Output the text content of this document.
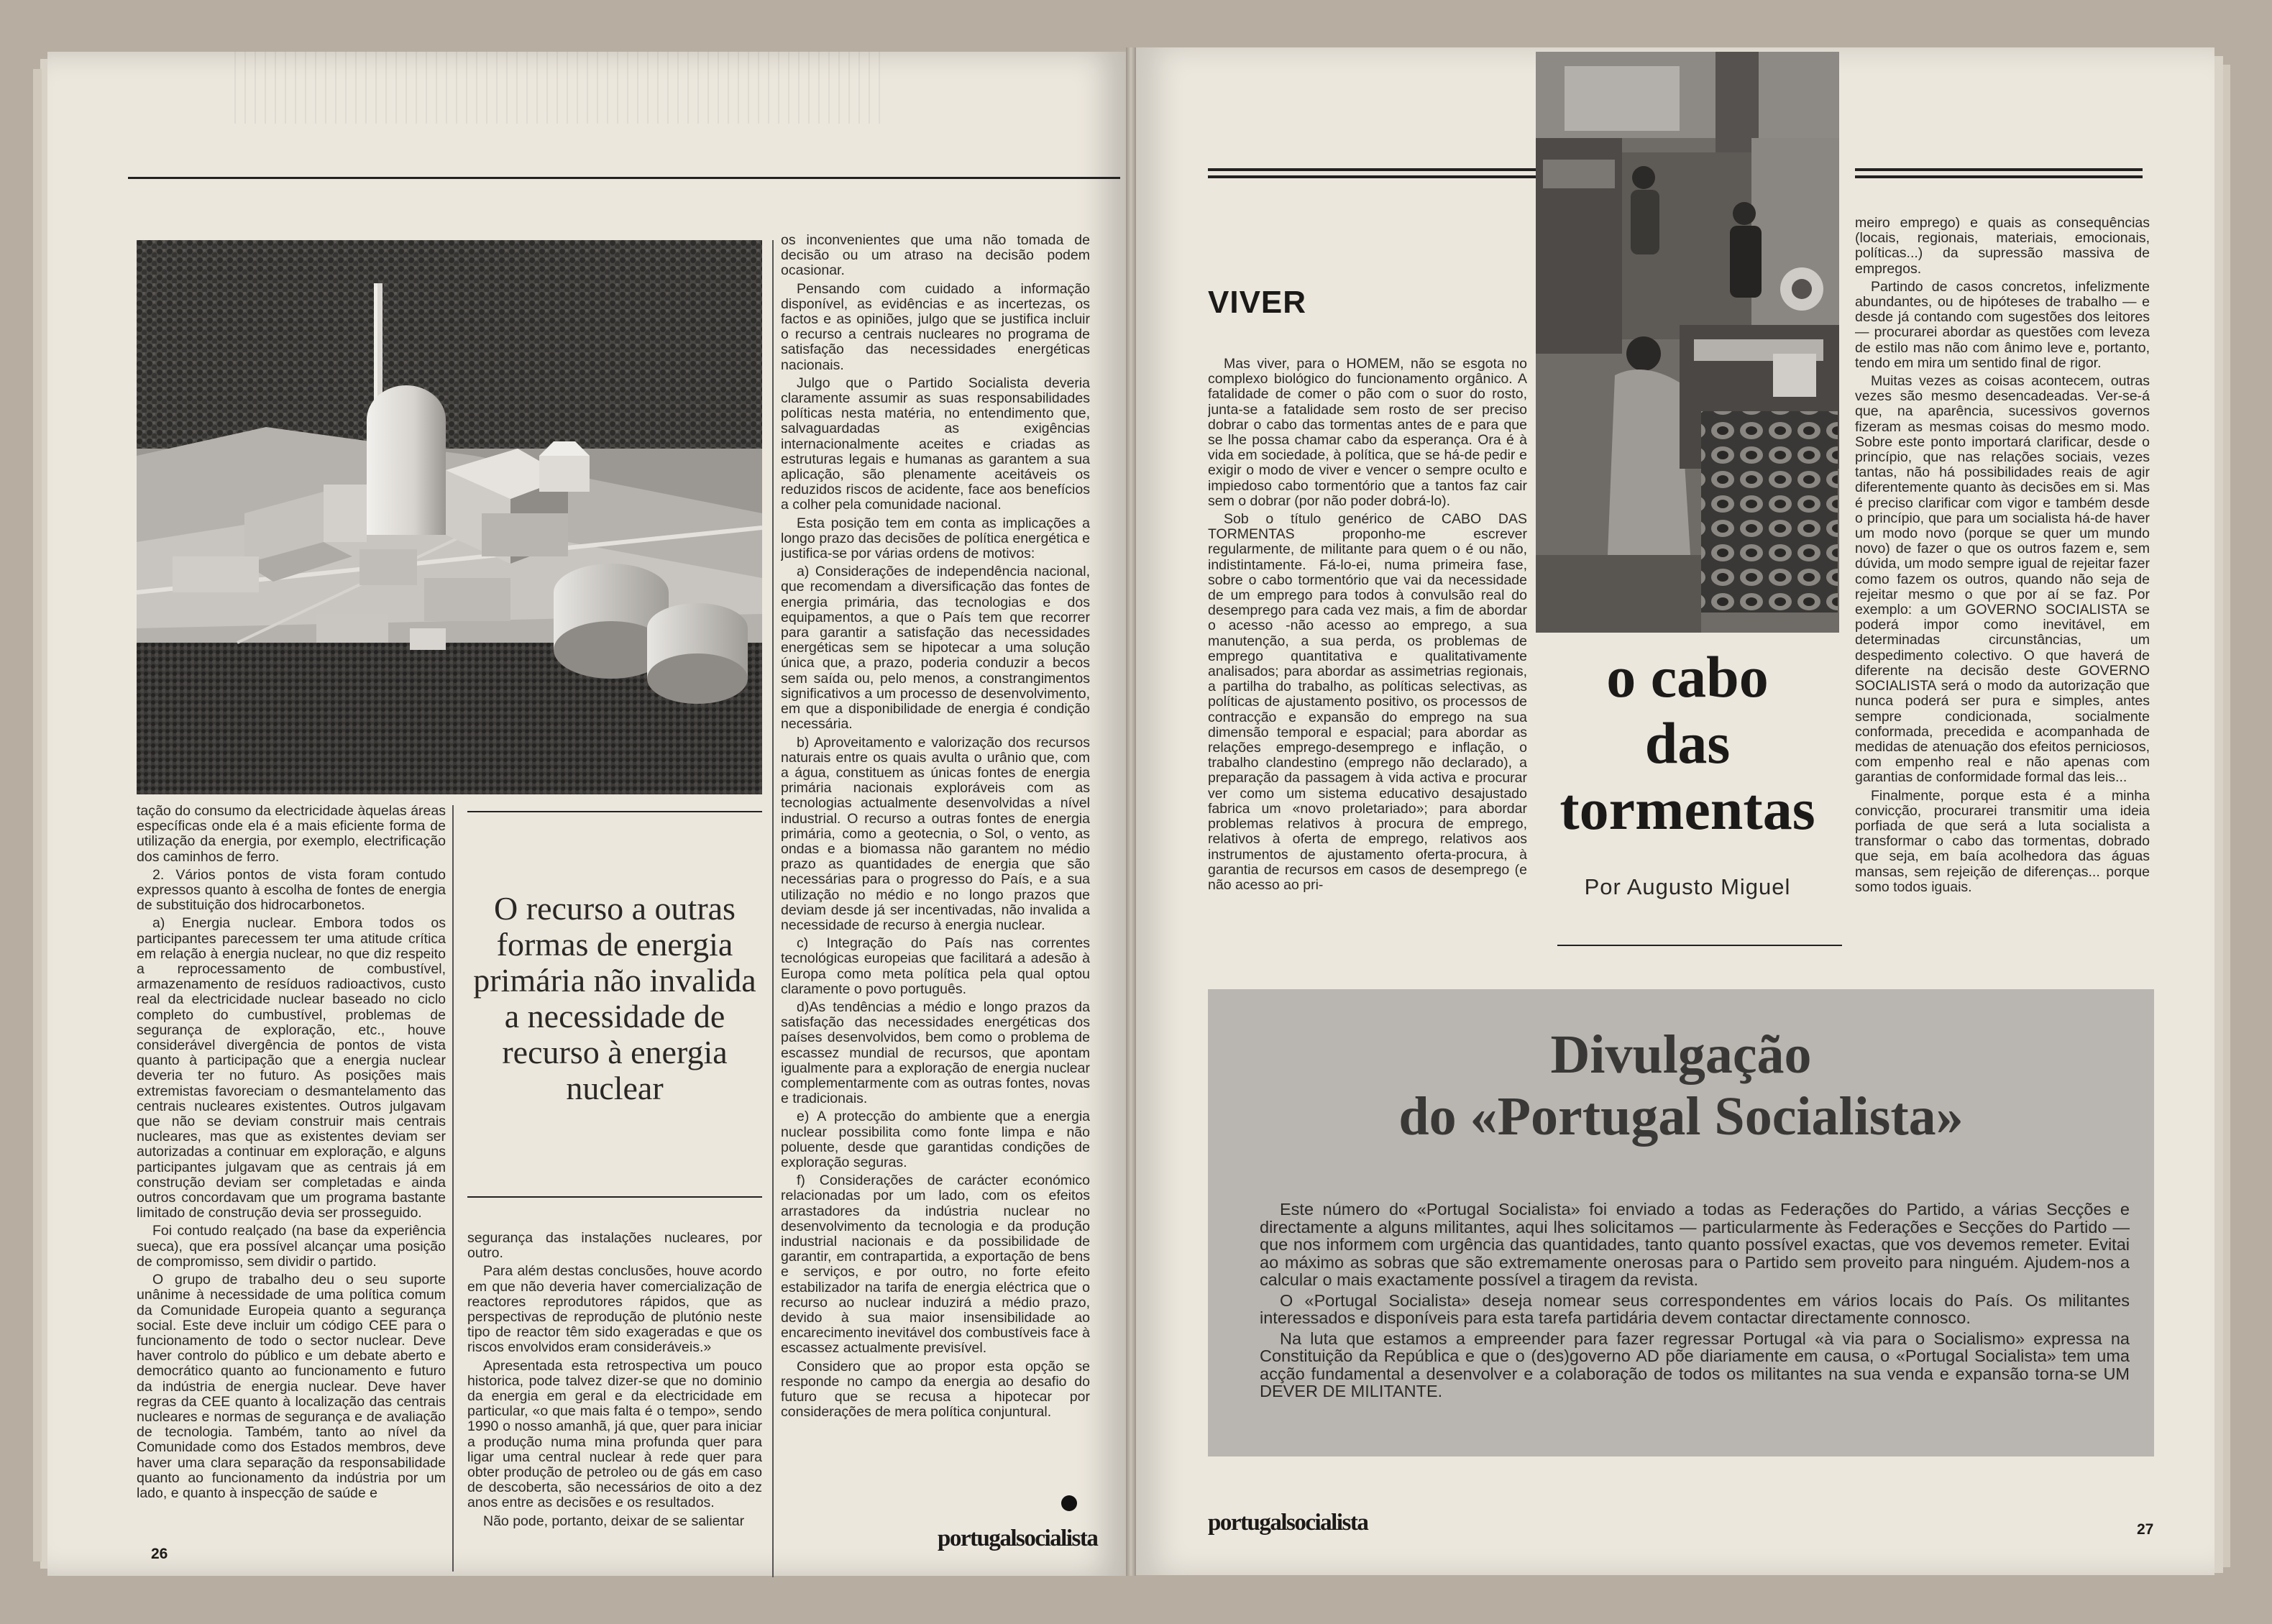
tação do consumo da electricidade àquelas áreas específicas onde ela é a mais eficiente forma de utilização da energia, por exemplo, electrificação dos caminhos de ferro.

2. Vários pontos de vista foram contudo expressos quanto à escolha de fontes de energia de substituição dos hidrocarbonetos.

a) Energia nuclear. Embora todos os participantes parecessem ter uma atitude crítica em relação à energia nuclear, no que diz respeito a reprocessamento de combustível, armazenamento de resíduos radioactivos, custo real da electricidade nuclear baseado no ciclo completo do cumbustível, problemas de segurança de exploração, etc., houve considerável divergência de pontos de vista quanto à participação que a energia nuclear deveria ter no futuro. As posições mais extremistas favoreciam o desmantelamento das centrais nucleares existentes. Outros julgavam que não se deviam construir mais centrais nucleares, mas que as existentes deviam ser autorizadas a continuar em exploração, e alguns participantes julgavam que as centrais já em construção deviam ser completadas e ainda outros concordavam que um programa bastante limitado de construção devia ser prosseguido.

Foi contudo realçado (na base da experiência sueca), que era possível alcançar uma posição de compromisso, sem dividir o partido.

O grupo de trabalho deu o seu suporte unânime à necessidade de uma política comum da Comunidade Europeia quanto a segurança social. Este deve incluir um código CEE para o funcionamento de todo o sector nuclear. Deve haver controlo do público e um debate aberto e democrático quanto ao funcionamento e futuro da indústria de energia nuclear. Deve haver regras da CEE quanto à localização das centrais nucleares e normas de segurança e de avaliação de tecnologia. Também, tanto ao nível da Comunidade como dos Estados membros, deve haver uma clara separação da responsabilidade quanto ao funcionamento da indústria por um lado, e quanto à inspecção de saúde e

O recurso a outras formas de energia primária não invalida a necessidade de recurso à energia nuclear

segurança das instalações nucleares, por outro.

Para além destas conclusões, houve acordo em que não deveria haver comercialização de reactores reprodutores rápidos, que as perspectivas de reprodução de plutónio neste tipo de reactor têm sido exageradas e que os riscos envolvidos eram consideráveis.»

Apresentada esta retrospectiva um pouco historica, pode talvez dizer-se que no dominio da energia em geral e da electricidade em particular, «o que mais falta é o tempo», sendo 1990 o nosso amanhã, já que, quer para iniciar a produção numa mina profunda quer para ligar uma central nuclear à rede quer para obter produção de petroleo ou de gás em caso de descoberta, são necessários de oito a dez anos entre as decisões e os resultados.

Não pode, portanto, deixar de se salientar

os inconvenientes que uma não tomada de decisão ou um atraso na decisão podem ocasionar.

Pensando com cuidado a informação disponível, as evidências e as incertezas, os factos e as opiniões, julgo que se justifica incluir o recurso a centrais nucleares no programa de satisfação das necessidades energéticas nacionais.

Julgo que o Partido Socialista deveria claramente assumir as suas responsabilidades políticas nesta matéria, no entendimento que, salvaguardadas as exigências internacionalmente aceites e criadas as estruturas legais e humanas as garantem a sua aplicação, são plenamente aceitáveis os reduzidos riscos de acidente, face aos benefícios a colher pela comunidade nacional.

Esta posição tem em conta as implicações a longo prazo das decisões de política energética e justifica-se por várias ordens de motivos:

a) Considerações de independência nacional, que recomendam a diversificação das fontes de energia primária, das tecnologias e dos equipamentos, a que o País tem que recorrer para garantir a satisfação das necessidades energéticas sem se hipotecar a uma solução única que, a prazo, poderia conduzir a becos sem saída ou, pelo menos, a constrangimentos significativos a um processo de desenvolvimento, em que a disponibilidade de energia é condição necessária.

b) Aproveitamento e valorização dos recursos naturais entre os quais avulta o urânio que, com a água, constituem as únicas fontes de energia primária nacionais exploráveis com as tecnologias actualmente desenvolvidas a nível industrial. O recurso a outras fontes de energia primária, como a geotecnia, o Sol, o vento, as ondas e a biomassa não garantem no médio prazo as quantidades de energia que são necessárias para o progresso do País, e a sua utilização no médio e no longo prazos que deviam desde já ser incentivadas, não invalida a necessidade de recurso à energia nuclear.

c) Integração do País nas correntes tecnológicas europeias que facilitará a adesão à Europa como meta política pela qual optou claramente o povo português.

d)As tendências a médio e longo prazos da satisfação das necessidades energéticas dos países desenvolvidos, bem como o problema de escassez mundial de recursos, que apontam igualmente para a exploração de energia nuclear complementarmente com as outras fontes, novas e tradicionais.

e) A protecção do ambiente que a energia nuclear possibilita como fonte limpa e não poluente, desde que garantidas condições de exploração seguras.

f) Considerações de carácter económico relacionadas por um lado, com os efeitos arrastadores da indústria nuclear no desenvolvimento da tecnologia e da produção industrial nacionais e da possibilidade de garantir, em contrapartida, a exportação de bens e serviços, e por outro, no forte efeito estabilizador na tarifa de energia eléctrica que o recurso ao nuclear induzirá a médio prazo, devido à sua maior insensibilidade ao encarecimento inevitável dos combustíveis face à escassez actualmente previsível.

Considero que ao propor esta opção se responde no campo da energia ao desafio do futuro que se recusa a hipotecar por considerações de mera política conjuntural.

26
portugalsocialista
VIVER

Mas viver, para o HOMEM, não se esgota no complexo biológico do funcionamento orgânico. A fatalidade de comer o pão com o suor do rosto, junta-se a fatalidade sem rosto de ser preciso dobrar o cabo das tormentas antes de e para que se lhe possa chamar cabo da esperança. Ora é à vida em sociedade, à política, que se há-de pedir e exigir o modo de viver e vencer o sempre oculto e impiedoso cabo tormentório que a tantos faz cair sem o dobrar (por não poder dobrá-lo).

Sob o título genérico de CABO DAS TORMENTAS proponho-me escrever regularmente, de militante para quem o é ou não, indistintamente. Fá-lo-ei, numa primeira fase, sobre o cabo tormentório que vai da necessidade de um emprego para todos à convulsão real do desemprego para cada vez mais, a fim de abordar o acesso -não acesso ao emprego, a sua manutenção, a sua perda, os problemas de emprego quantitativa e qualitativamente analisados; para abordar as assimetrias regionais, a partilha do trabalho, as políticas selectivas, as políticas de ajustamento positivo, os processos de contracção e expansão do emprego na sua dimensão temporal e espacial; para abordar as relações emprego-desemprego e inflação, o trabalho clandestino (emprego não declarado), a preparação da passagem à vida activa e procurar ver como um sistema educativo desajustado fabrica um «novo proletariado»; para abordar problemas relativos à procura de emprego, relativos à oferta de emprego, relativos aos instrumentos de ajustamento oferta-procura, à garantia de recursos em casos de desemprego (e não acesso ao pri-

o cabo
das
tormentas
Por Augusto Miguel

meiro emprego) e quais as consequências (locais, regionais, materiais, emocionais, políticas...) da supressão massiva de empregos.

Partindo de casos concretos, infelizmente abundantes, ou de hipóteses de trabalho — e desde já contando com sugestões dos leitores — procurarei abordar as questões com leveza de estilo mas não com ânimo leve e, portanto, tendo em mira um sentido final de rigor.

Muitas vezes as coisas acontecem, outras vezes são mesmo desencadeadas. Ver-se-á que, na aparência, sucessivos governos fizeram as mesmas coisas do mesmo modo. Sobre este ponto importará clarificar, desde o princípio, que nas relações sociais, vezes tantas, não há possibilidades reais de agir diferentemente quanto às decisões em si. Mas é preciso clarificar com vigor e também desde o princípio, que para um socialista há-de haver um modo novo (porque se quer um mundo novo) de fazer o que os outros fazem e, sem dúvida, um modo sempre igual de rejeitar fazer como fazem os outros, quando não seja de rejeitar mesmo o que por aí se faz. Por exemplo: a um GOVERNO SOCIALISTA se poderá impor como inevitável, em determinadas circunstâncias, um despedimento colectivo. O que haverá de diferente na decisão deste GOVERNO SOCIALISTA será o modo da autorização que nunca poderá ser pura e simples, antes sempre condicionada, socialmente conformada, precedida e acompanhada de medidas de atenuação dos efeitos perniciosos, com empenho real e não apenas com garantias de conformidade formal das leis...

Finalmente, porque esta é a minha convicção, procurarei transmitir uma ideia porfiada de que será a luta socialista a transformar o cabo das tormentas, dobrado que seja, em baía acolhedora das águas mansas, sem rejeição de diferenças... porque somo todos iguais.

Divulgação
do «Portugal Socialista»

Este número do «Portugal Socialista» foi enviado a todas as Federações do Partido, a várias Secções e directamente a alguns militantes, aqui lhes solicitamos — particularmente às Federações e Secções do Partido — que nos informem com urgência das quantidades, tanto quanto possível exactas, que vos devemos remeter. Evitai ao máximo as sobras que são extremamente onerosas para o Partido sem proveito para ninguém. Ajudem-nos a calcular o mais exactamente possível a tiragem da revista.

O «Portugal Socialista» deseja nomear seus correspondentes em vários locais do País. Os militantes interessados e disponíveis para esta tarefa partidária devem contactar directamente connosco.

Na luta que estamos a empreender para fazer regressar Portugal «à via para o Socialismo» expressa na Constituição da República e que o (des)governo AD põe diariamente em causa, o «Portugal Socialista» tem uma acção fundamental a desenvolver e a colaboração de todos os militantes na sua venda e expansão torna-se UM DEVER DE MILITANTE.

portugalsocialista	27
